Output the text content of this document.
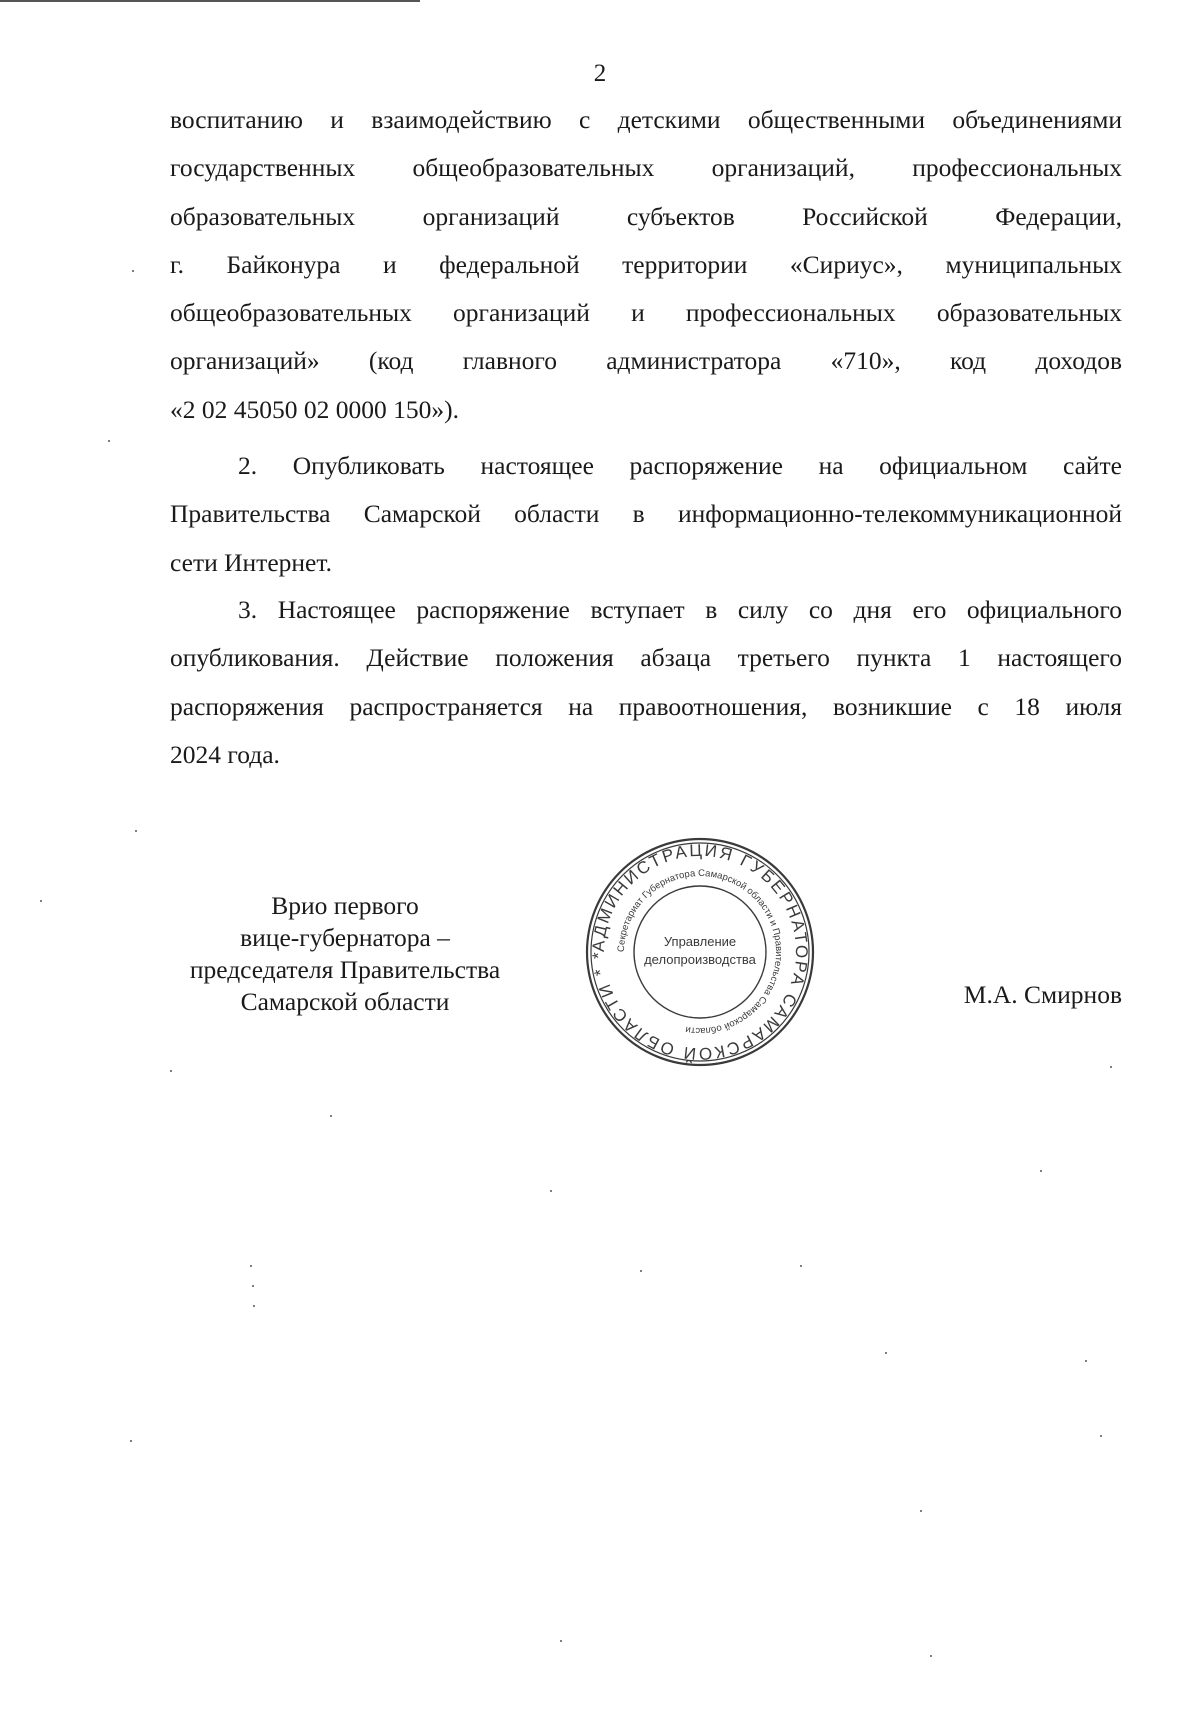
2
воспитанию и взаимодействию с детскими общественными объединениями
государственных общеобразовательных организаций, профессиональных
образовательных организаций субъектов Российской Федерации,
г. Байконура и федеральной территории «Сириус», муниципальных
общеобразовательных организаций и профессиональных образовательных
организаций» (код главного администратора «710», код доходов
«2 02 45050 02 0000 150»).
2. Опубликовать настоящее распоряжение на официальном сайте
Правительства Самарской области в информационно-телекоммуникационной
сети Интернет.
3. Настоящее распоряжение вступает в силу со дня его официального
опубликования. Действие положения абзаца третьего пункта 1 настоящего
распоряжения распространяется на правоотношения, возникшие с 18 июля
2024 года.
Врио первого
вице-губернатора –
председателя Правительства
Самарской области
АДМИНИСТРАЦИЯ ГУБЕРНАТОРА САМАРСКОЙ ОБЛАСТИ * *
Секретариат Губернатора Самарской области и Правительства Самарской области
Управление
делопроизводства
М.А. Смирнов
